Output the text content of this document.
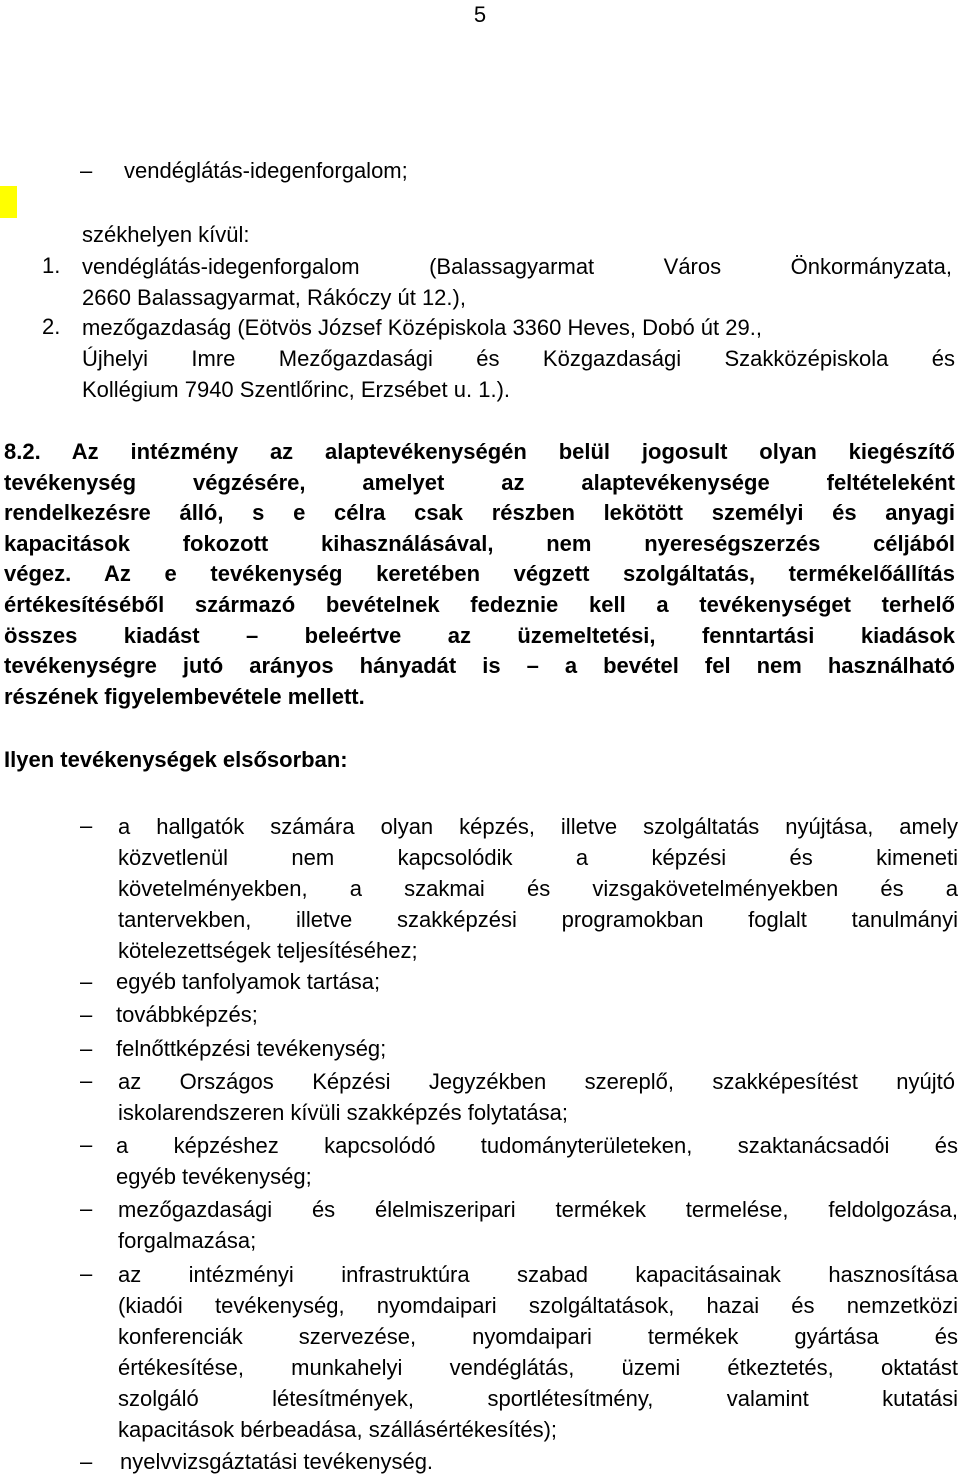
5
– vendéglátás-idegenforgalom;
székhelyen kívül:
1. vendéglátás-idegenforgalom (Balassagyarmat Város Önkormányzata,
2660 Balassagyarmat, Rákóczy út 12.),
2. mezőgazdaság (Eötvös József Középiskola 3360 Heves, Dobó út 29.,
Újhelyi Imre Mezőgazdasági és Közgazdasági Szakközépiskola és
Kollégium 7940 Szentlőrinc, Erzsébet u. 1.).
8.2. Az intézmény az alaptevékenységén belül jogosult olyan kiegészítő
tevékenység végzésére, amelyet az alaptevékenysége feltételeként
rendelkezésre álló, s e célra csak részben lekötött személyi és anyagi
kapacitások fokozott kihasználásával, nem nyereségszerzés céljából
végez. Az e tevékenység keretében végzett szolgáltatás, termékelőállítás
értékesítéséből származó bevételnek fedeznie kell a tevékenységet terhelő
összes kiadást – beleértve az üzemeltetési, fenntartási kiadások
tevékenységre jutó arányos hányadát is – a bevétel fel nem használható
részének figyelembevétele mellett.
Ilyen tevékenységek elsősorban:
– a hallgatók számára olyan képzés, illetve szolgáltatás nyújtása, amely
közvetlenül nem kapcsolódik a képzési és kimeneti
követelményekben, a szakmai és vizsgakövetelményekben és a
tantervekben, illetve szakképzési programokban foglalt tanulmányi
kötelezettségek teljesítéséhez;
– egyéb tanfolyamok tartása;
– továbbképzés;
– felnőttképzési tevékenység;
– az Országos Képzési Jegyzékben szereplő, szakképesítést nyújtó
iskolarendszeren kívüli szakképzés folytatása;
– a képzéshez kapcsolódó tudományterületeken, szaktanácsadói és
egyéb tevékenység;
– mezőgazdasági és élelmiszeripari termékek termelése, feldolgozása,
forgalmazása;
– az intézményi infrastruktúra szabad kapacitásainak hasznosítása
(kiadói tevékenység, nyomdaipari szolgáltatások, hazai és nemzetközi
konferenciák szervezése, nyomdaipari termékek gyártása és
értékesítése, munkahelyi vendéglátás, üzemi étkeztetés, oktatást
szolgáló létesítmények, sportlétesítmény, valamint kutatási
kapacitások bérbeadása, szállásértékesítés);
– nyelvvizsgáztatási tevékenység.
